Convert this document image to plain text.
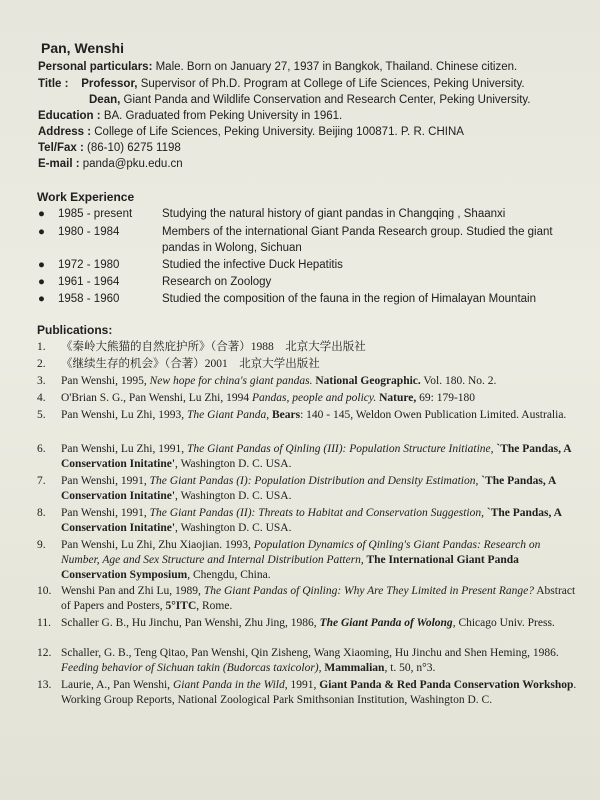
Pan, Wenshi
Personal particulars: Male. Born on January 27, 1937 in Bangkok, Thailand. Chinese citizen.
Title :    Professor, Supervisor of Ph.D. Program at College of Life Sciences, Peking University.
Dean, Giant Panda and Wildlife Conservation and Research Center, Peking University.
Education : BA. Graduated from Peking University in 1961.
Address : College of Life Sciences, Peking University. Beijing 100871. P. R. CHINA
Tel/Fax : (86-10) 6275 1198
E-mail : panda@pku.edu.cn
Work Experience
● 1985 - present	Studying the natural history of giant pandas in Changqing , Shaanxi
● 1980 - 1984	Members of the international Giant Panda Research group. Studied the giant pandas in Wolong, Sichuan
● 1972 - 1980	Studied the infective Duck Hepatitis
● 1961 - 1964	Research on Zoology
● 1958 - 1960	Studied the composition of the fauna in the region of Himalayan Mountain
Publications:
1. 《秦岭大熊猫的自然庇护所》（合著）1988　北京大学出版社
2. 《继续生存的机会》（合著）2001　北京大学出版社
3. Pan Wenshi, 1995, New hope for china's giant pandas. National Geographic. Vol. 180. No. 2.
4. O'Brian S. G., Pan Wenshi, Lu Zhi, 1994 Pandas, people and policy. Nature, 69: 179-180
5. Pan Wenshi, Lu Zhi, 1993, The Giant Panda, Bears: 140 - 145, Weldon Owen Publication Limited. Australia.
6. Pan Wenshi, Lu Zhi, 1991, The Giant Pandas of Qinling (III): Population Structure Initiatine, `The Pandas, A Conservation Initatine', Washington D. C. USA.
7. Pan Wenshi, 1991, The Giant Pandas (I): Population Distribution and Density Estimation, `The Pandas, A Conservation Initatine', Washington D. C. USA.
8. Pan Wenshi, 1991, The Giant Pandas (II): Threats to Habitat and Conservation Suggestion, `The Pandas, A Conservation Initatine', Washington D. C. USA.
9. Pan Wenshi, Lu Zhi, Zhu Xiaojian. 1993, Population Dynamics of Qinling's Giant Pandas: Research on Number, Age and Sex Structure and Internal Distribution Pattern, The International Giant Panda Conservation Symposium, Chengdu, China.
10. Wenshi Pan and Zhi Lu, 1989, The Giant Pandas of Qinling: Why Are They Limited in Present Range? Abstract of Papers and Posters, 5°ITC, Rome.
11. Schaller G. B., Hu Jinchu, Pan Wenshi, Zhu Jing, 1986, The Giant Panda of Wolong, Chicago Univ. Press.
12. Schaller, G. B., Teng Qitao, Pan Wenshi, Qin Zisheng, Wang Xiaoming, Hu Jinchu and Shen Heming, 1986. Feeding behavior of Sichuan takin (Budorcas taxicolor), Mammalian, t. 50, n°3.
13. Laurie, A., Pan Wenshi, Giant Panda in the Wild, 1991, Giant Panda & Red Panda Conservation Workshop. Working Group Reports, National Zoological Park Smithsonian Institution, Washington D. C.
